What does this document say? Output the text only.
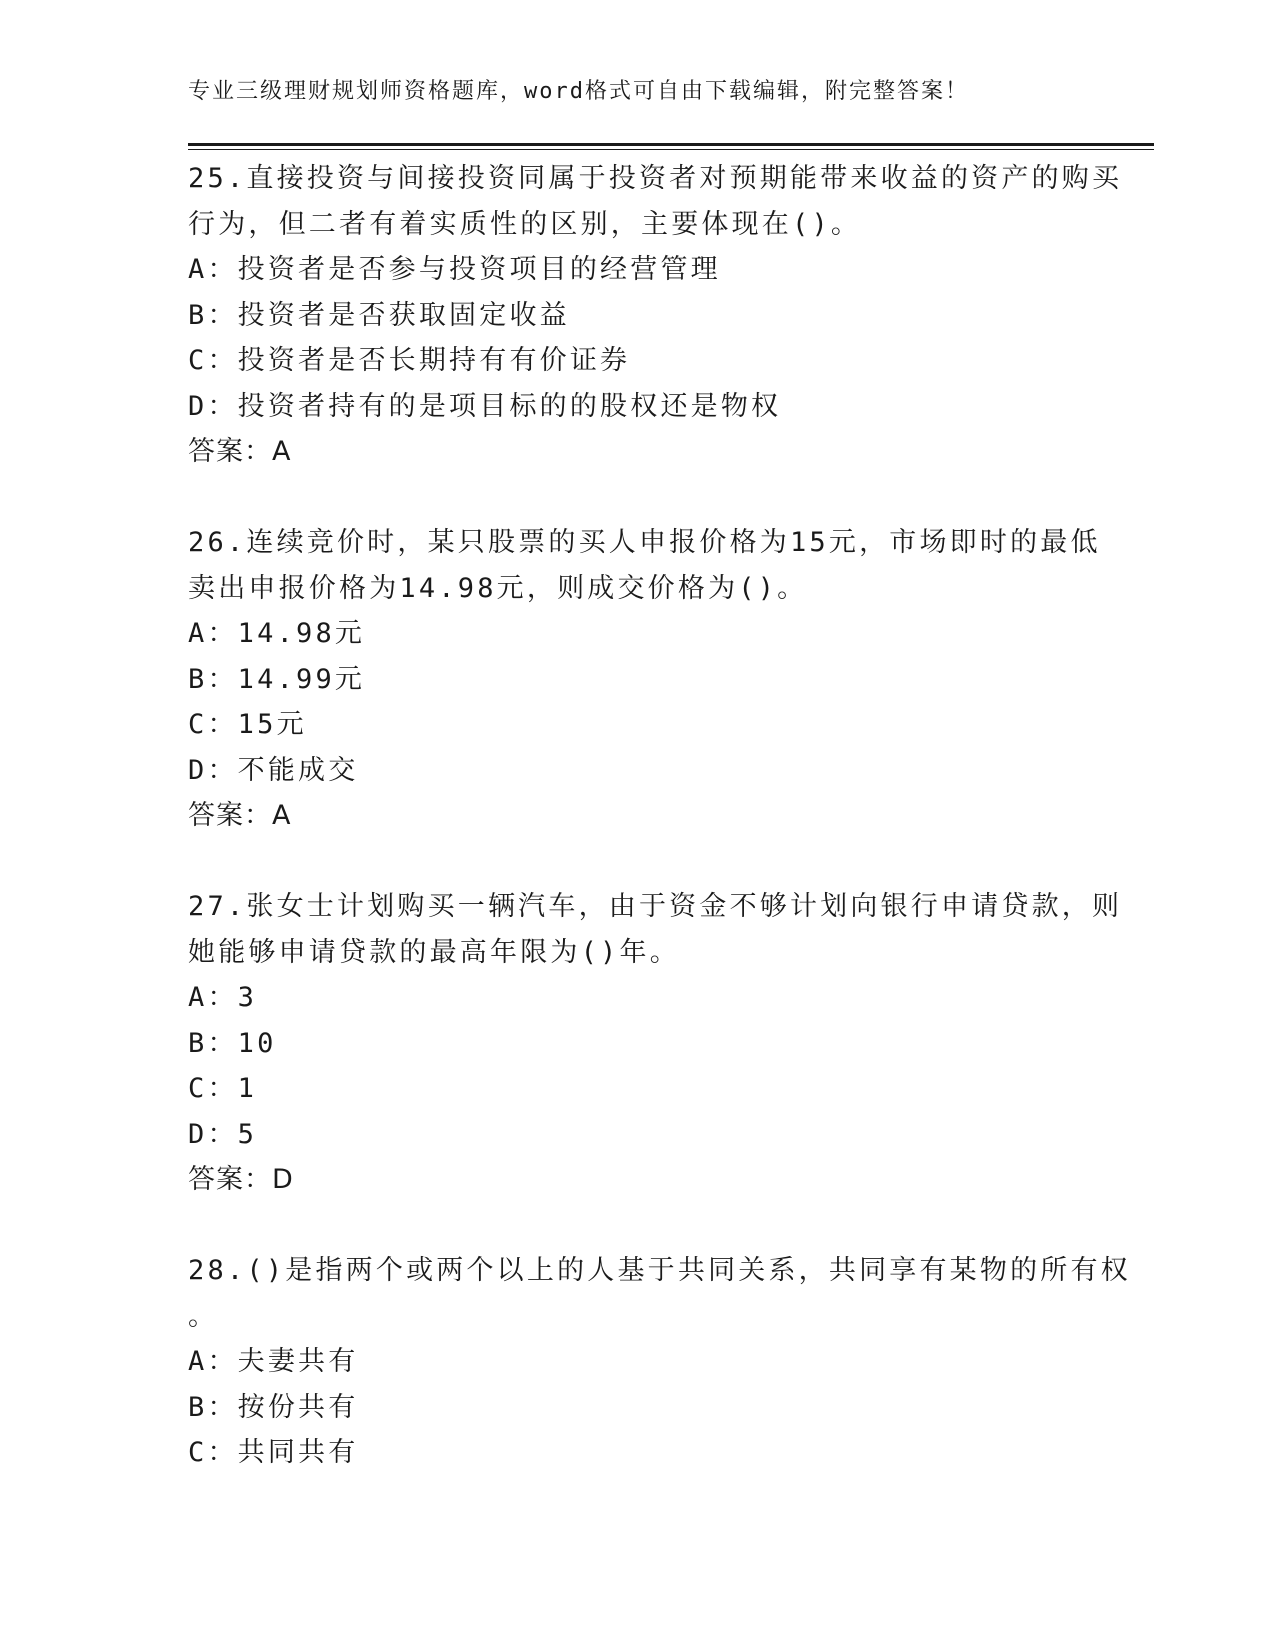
专业三级理财规划师资格题库，word格式可自由下载编辑，附完整答案！
25.直接投资与间接投资同属于投资者对预期能带来收益的资产的购买
行为，但二者有着实质性的区别，主要体现在()。
A：投资者是否参与投资项目的经营管理
B：投资者是否获取固定收益
C：投资者是否长期持有有价证券
D：投资者持有的是项目标的的股权还是物权
答案：A
26.连续竞价时，某只股票的买人申报价格为15元，市场即时的最低
卖出申报价格为14.98元，则成交价格为()。
A：14.98元
B：14.99元
C：15元
D：不能成交
答案：A
27.张女士计划购买一辆汽车，由于资金不够计划向银行申请贷款，则
她能够申请贷款的最高年限为()年。
A：3
B：10
C：1
D：5
答案：D
28.()是指两个或两个以上的人基于共同关系，共同享有某物的所有权
。
A：夫妻共有
B：按份共有
C：共同共有
